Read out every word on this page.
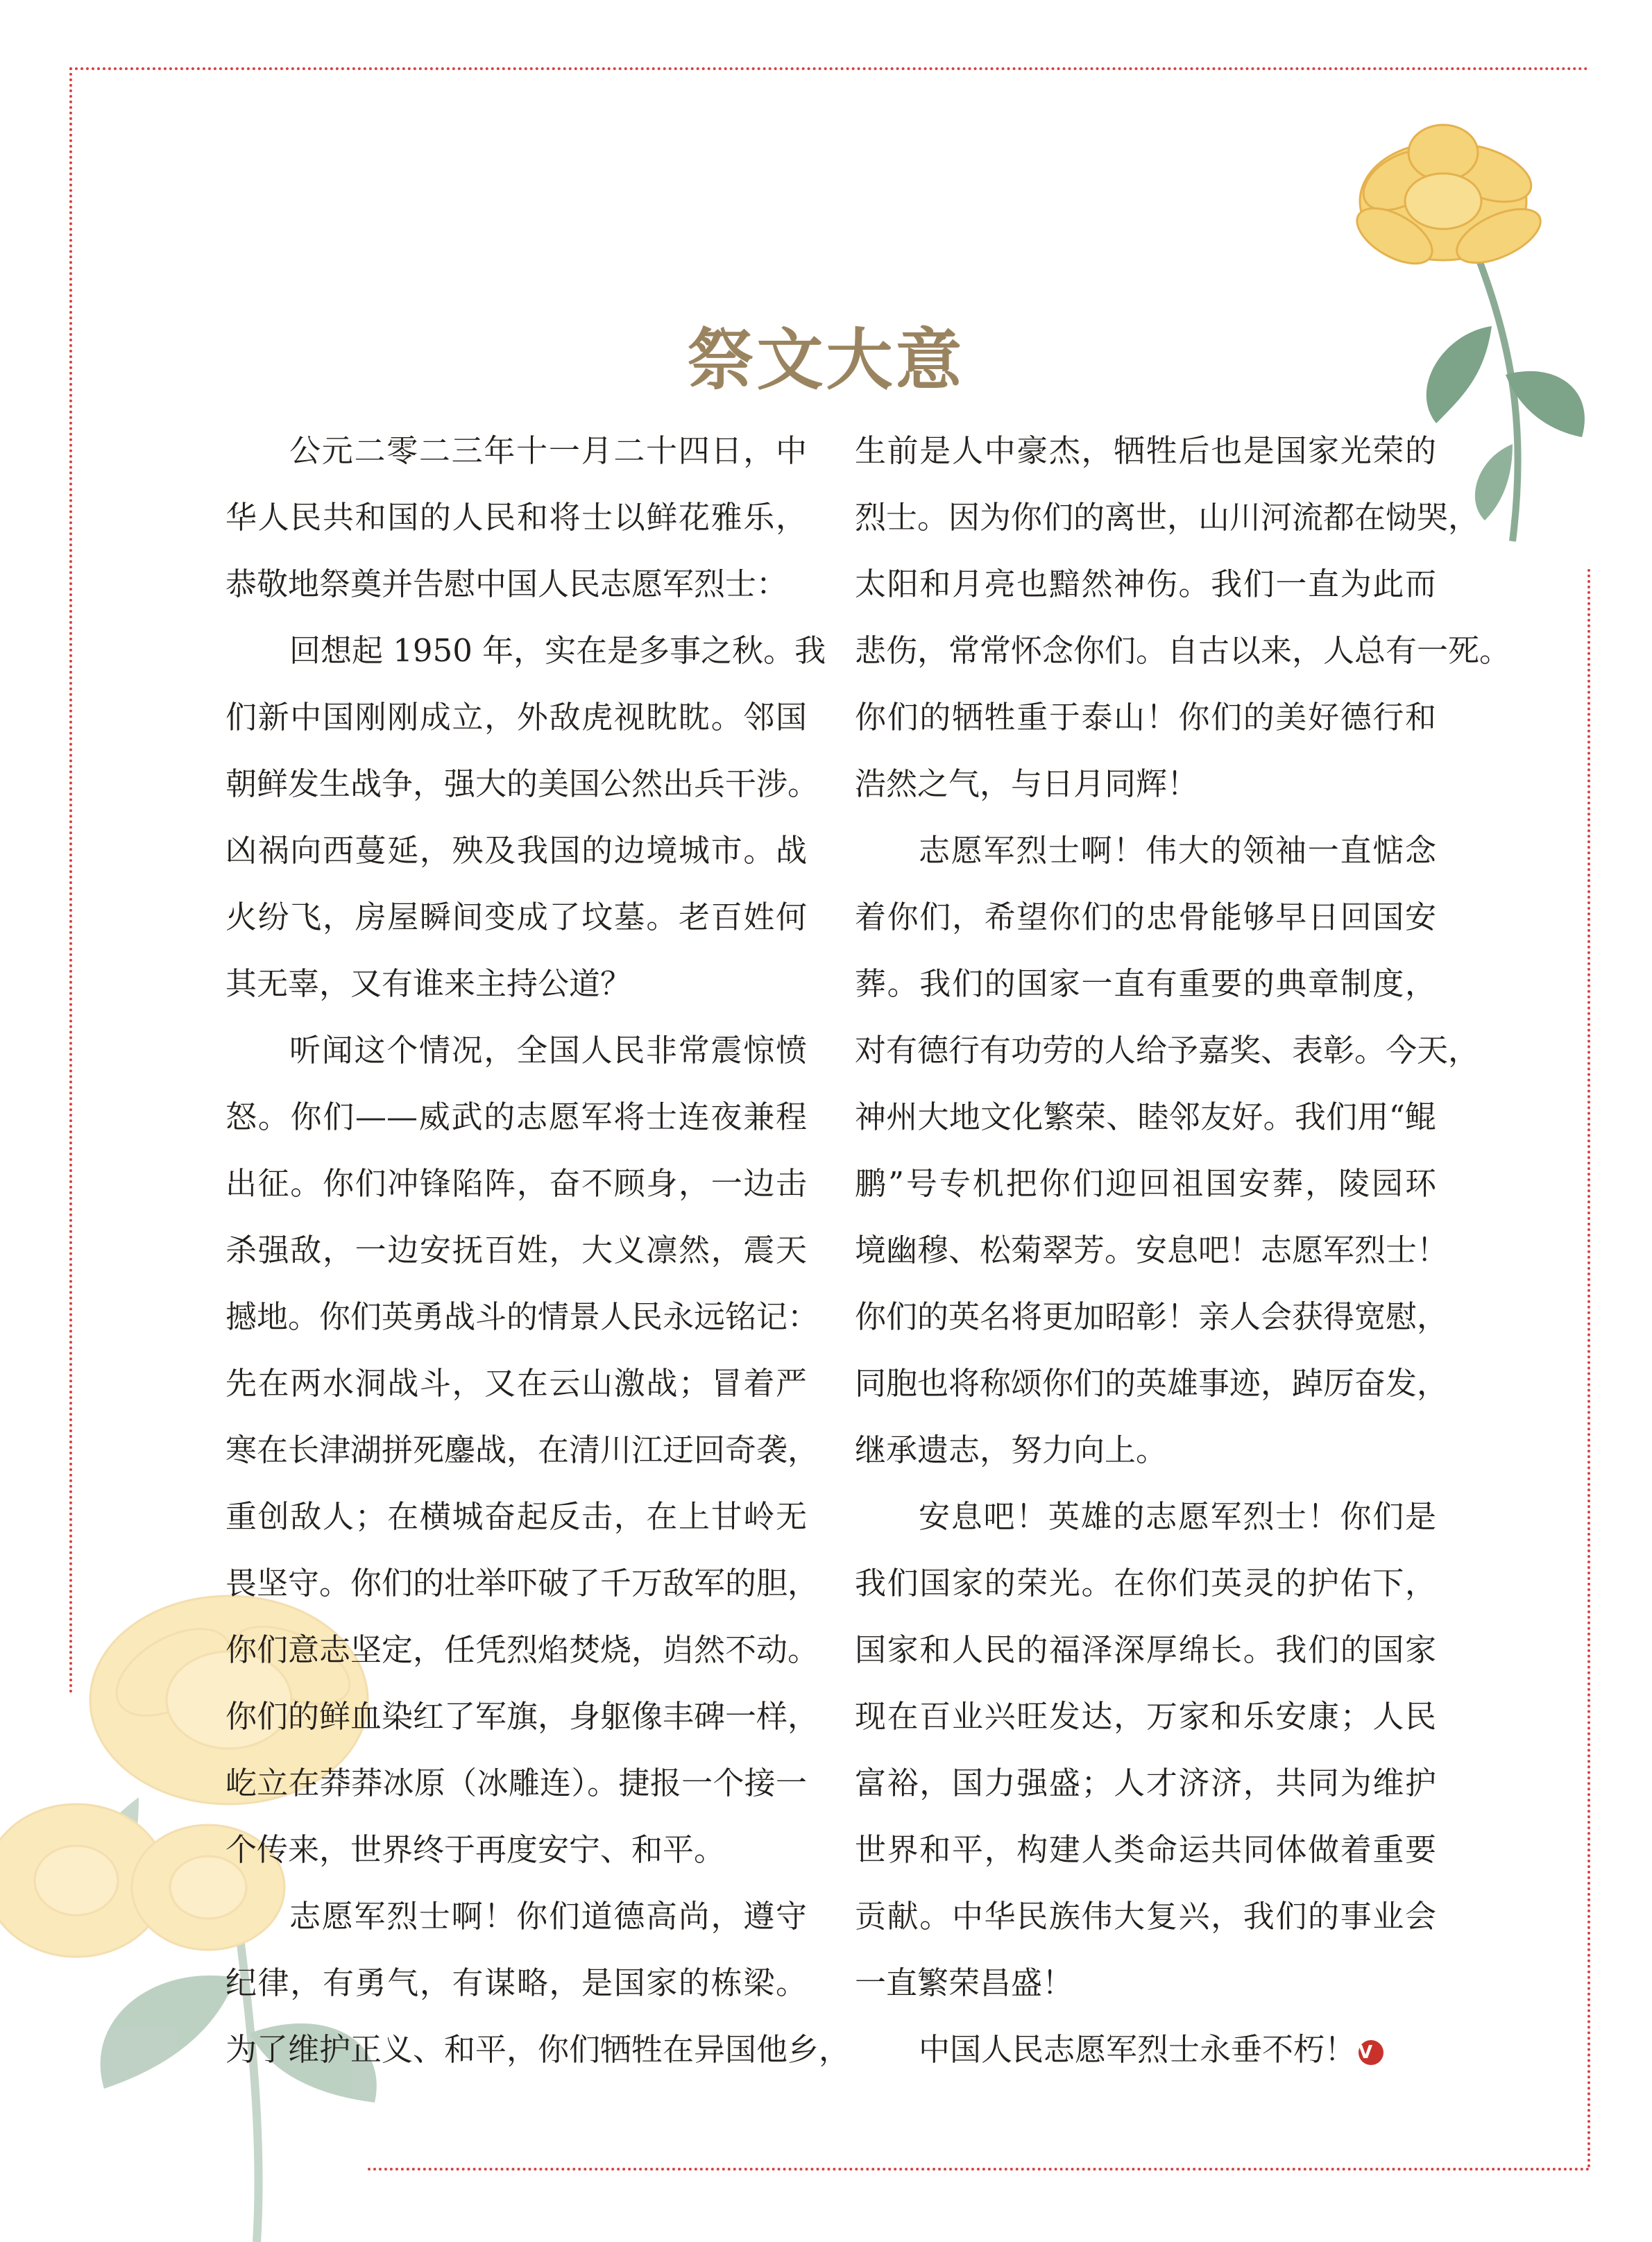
祭文大意
公元二零二三年十一月二十四日，中
华人民共和国的人民和将士以鲜花雅乐，
恭敬地祭奠并告慰中国人民志愿军烈士：
回想起 1950 年，实在是多事之秋。我
们新中国刚刚成立，外敌虎视眈眈。邻国
朝鲜发生战争，强大的美国公然出兵干涉。
凶祸向西蔓延，殃及我国的边境城市。战
火纷飞，房屋瞬间变成了坟墓。老百姓何
其无辜，又有谁来主持公道？
听闻这个情况，全国人民非常震惊愤
怒。你们——威武的志愿军将士连夜兼程
出征。你们冲锋陷阵，奋不顾身，一边击
杀强敌，一边安抚百姓，大义凛然，震天
撼地。你们英勇战斗的情景人民永远铭记：
先在两水洞战斗，又在云山激战；冒着严
寒在长津湖拼死鏖战，在清川江迂回奇袭，
重创敌人；在横城奋起反击，在上甘岭无
畏坚守。你们的壮举吓破了千万敌军的胆，
你们意志坚定，任凭烈焰焚烧，岿然不动。
你们的鲜血染红了军旗，身躯像丰碑一样，
屹立在莽莽冰原（冰雕连）。捷报一个接一
个传来，世界终于再度安宁、和平。
志愿军烈士啊！你们道德高尚，遵守
纪律，有勇气，有谋略，是国家的栋梁。
为了维护正义、和平，你们牺牲在异国他乡，
生前是人中豪杰，牺牲后也是国家光荣的
烈士。因为你们的离世，山川河流都在恸哭，
太阳和月亮也黯然神伤。我们一直为此而
悲伤，常常怀念你们。自古以来，人总有一死。
你们的牺牲重于泰山！你们的美好德行和
浩然之气，与日月同辉！
志愿军烈士啊！伟大的领袖一直惦念
着你们，希望你们的忠骨能够早日回国安
葬。我们的国家一直有重要的典章制度，
对有德行有功劳的人给予嘉奖、表彰。今天，
神州大地文化繁荣、睦邻友好。我们用“鲲
鹏”号专机把你们迎回祖国安葬，陵园环
境幽穆、松菊翠芳。安息吧！志愿军烈士！
你们的英名将更加昭彰！亲人会获得宽慰，
同胞也将称颂你们的英雄事迹，踔厉奋发，
继承遗志，努力向上。
安息吧！英雄的志愿军烈士！你们是
我们国家的荣光。在你们英灵的护佑下，
国家和人民的福泽深厚绵长。我们的国家
现在百业兴旺发达，万家和乐安康；人民
富裕，国力强盛；人才济济，共同为维护
世界和平，构建人类命运共同体做着重要
贡献。中华民族伟大复兴，我们的事业会
一直繁荣昌盛！
中国人民志愿军烈士永垂不朽！ V
